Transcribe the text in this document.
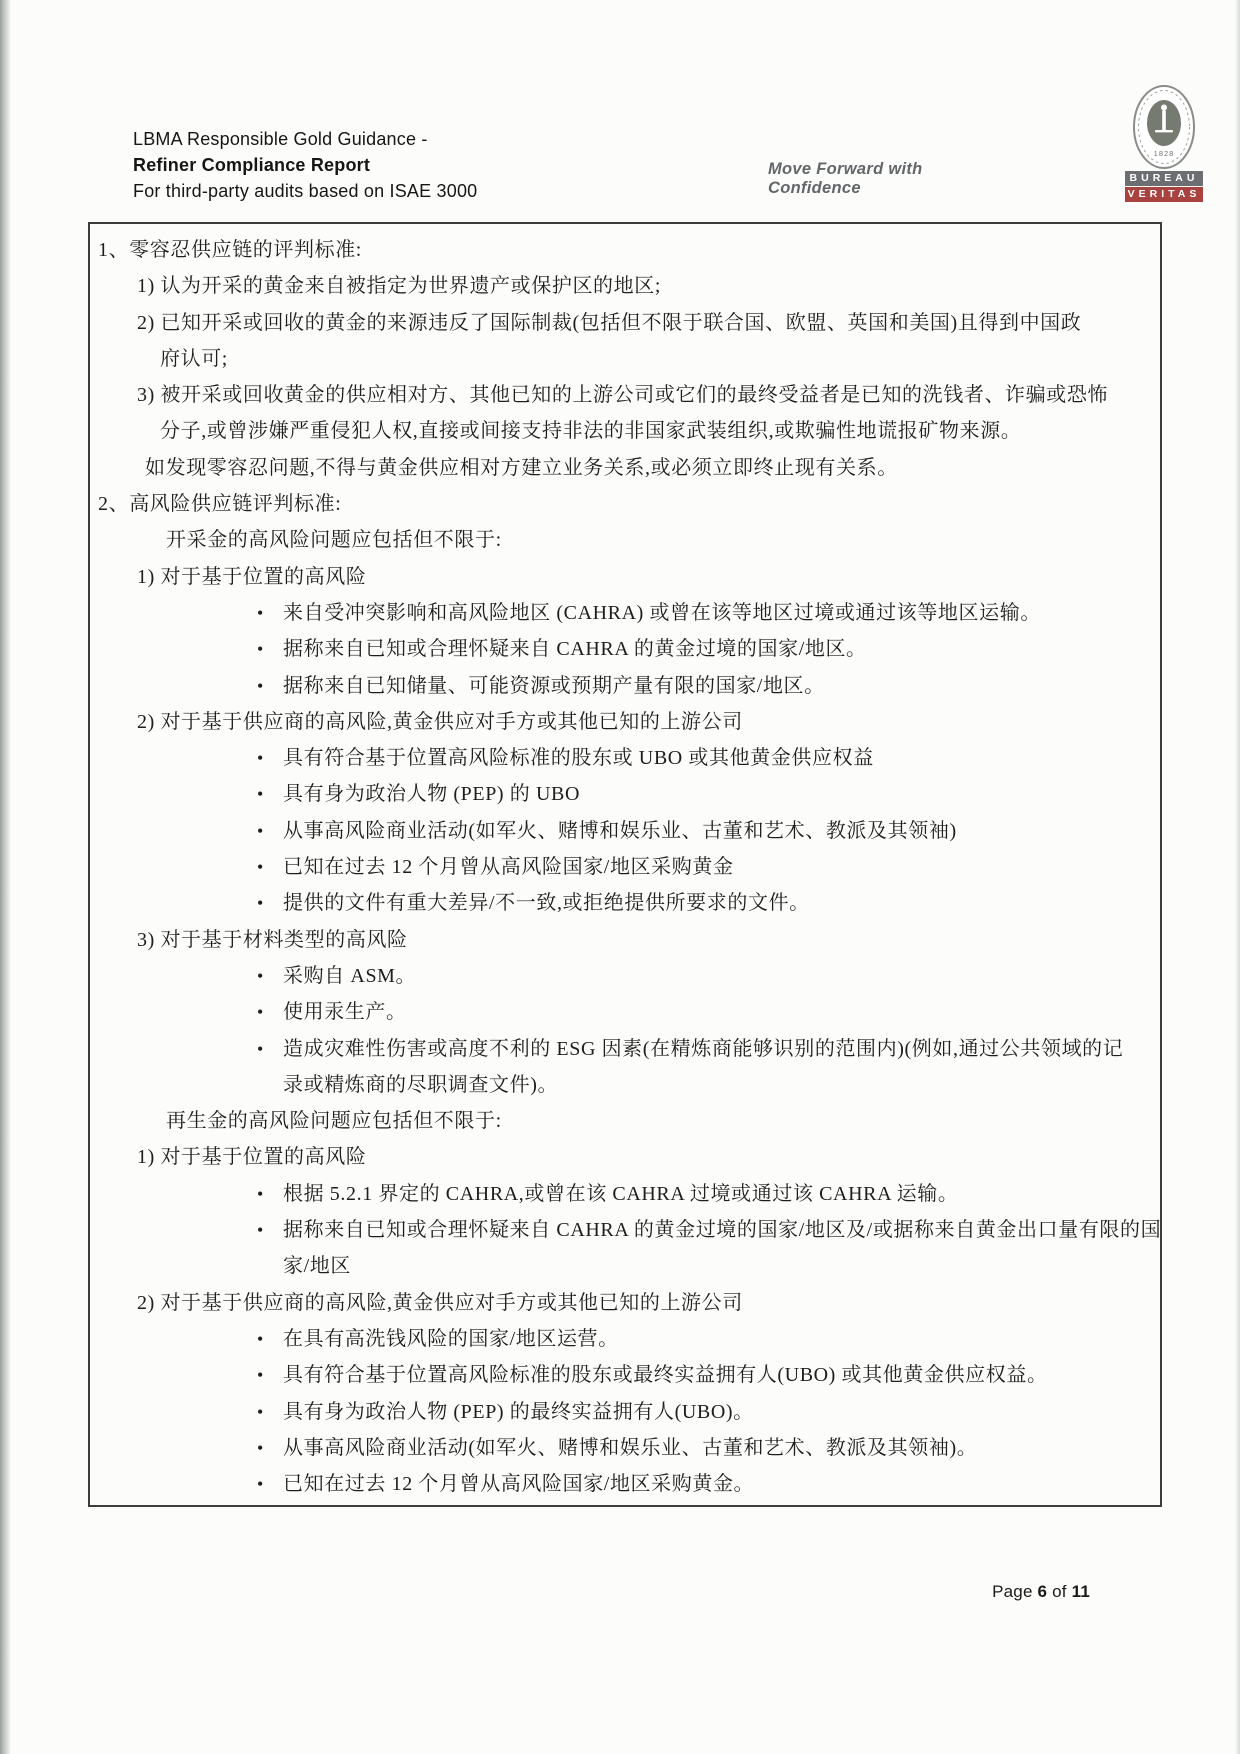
LBMA Responsible Gold Guidance -
Refiner Compliance Report
For third-party audits based on ISAE 3000
Move Forward with Confidence
1828
BUREAU
VERITAS
1、零容忍供应链的评判标准:
1) 认为开采的黄金来自被指定为世界遗产或保护区的地区;
2) 已知开采或回收的黄金的来源违反了国际制裁(包括但不限于联合国、欧盟、英国和美国)且得到中国政
府认可;
3) 被开采或回收黄金的供应相对方、其他已知的上游公司或它们的最终受益者是已知的洗钱者、诈骗或恐怖
分子,或曾涉嫌严重侵犯人权,直接或间接支持非法的非国家武装组织,或欺骗性地谎报矿物来源。
如发现零容忍问题,不得与黄金供应相对方建立业务关系,或必须立即终止现有关系。
2、高风险供应链评判标准:
开采金的高风险问题应包括但不限于:
1) 对于基于位置的高风险
• 来自受冲突影响和高风险地区 (CAHRA) 或曾在该等地区过境或通过该等地区运输。
• 据称来自已知或合理怀疑来自 CAHRA 的黄金过境的国家/地区。
• 据称来自已知储量、可能资源或预期产量有限的国家/地区。
2) 对于基于供应商的高风险,黄金供应对手方或其他已知的上游公司
• 具有符合基于位置高风险标准的股东或 UBO 或其他黄金供应权益
• 具有身为政治人物 (PEP) 的 UBO
• 从事高风险商业活动(如军火、赌博和娱乐业、古董和艺术、教派及其领袖)
• 已知在过去 12 个月曾从高风险国家/地区采购黄金
• 提供的文件有重大差异/不一致,或拒绝提供所要求的文件。
3) 对于基于材料类型的高风险
• 采购自 ASM。
• 使用汞生产。
• 造成灾难性伤害或高度不利的 ESG 因素(在精炼商能够识别的范围内)(例如,通过公共领域的记
录或精炼商的尽职调查文件)。
再生金的高风险问题应包括但不限于:
1) 对于基于位置的高风险
• 根据 5.2.1 界定的 CAHRA,或曾在该 CAHRA 过境或通过该 CAHRA 运输。
• 据称来自已知或合理怀疑来自 CAHRA 的黄金过境的国家/地区及/或据称来自黄金出口量有限的国
家/地区
2) 对于基于供应商的高风险,黄金供应对手方或其他已知的上游公司
• 在具有高洗钱风险的国家/地区运营。
• 具有符合基于位置高风险标准的股东或最终实益拥有人(UBO) 或其他黄金供应权益。
• 具有身为政治人物 (PEP) 的最终实益拥有人(UBO)。
• 从事高风险商业活动(如军火、赌博和娱乐业、古董和艺术、教派及其领袖)。
• 已知在过去 12 个月曾从高风险国家/地区采购黄金。
Page 6 of 11
